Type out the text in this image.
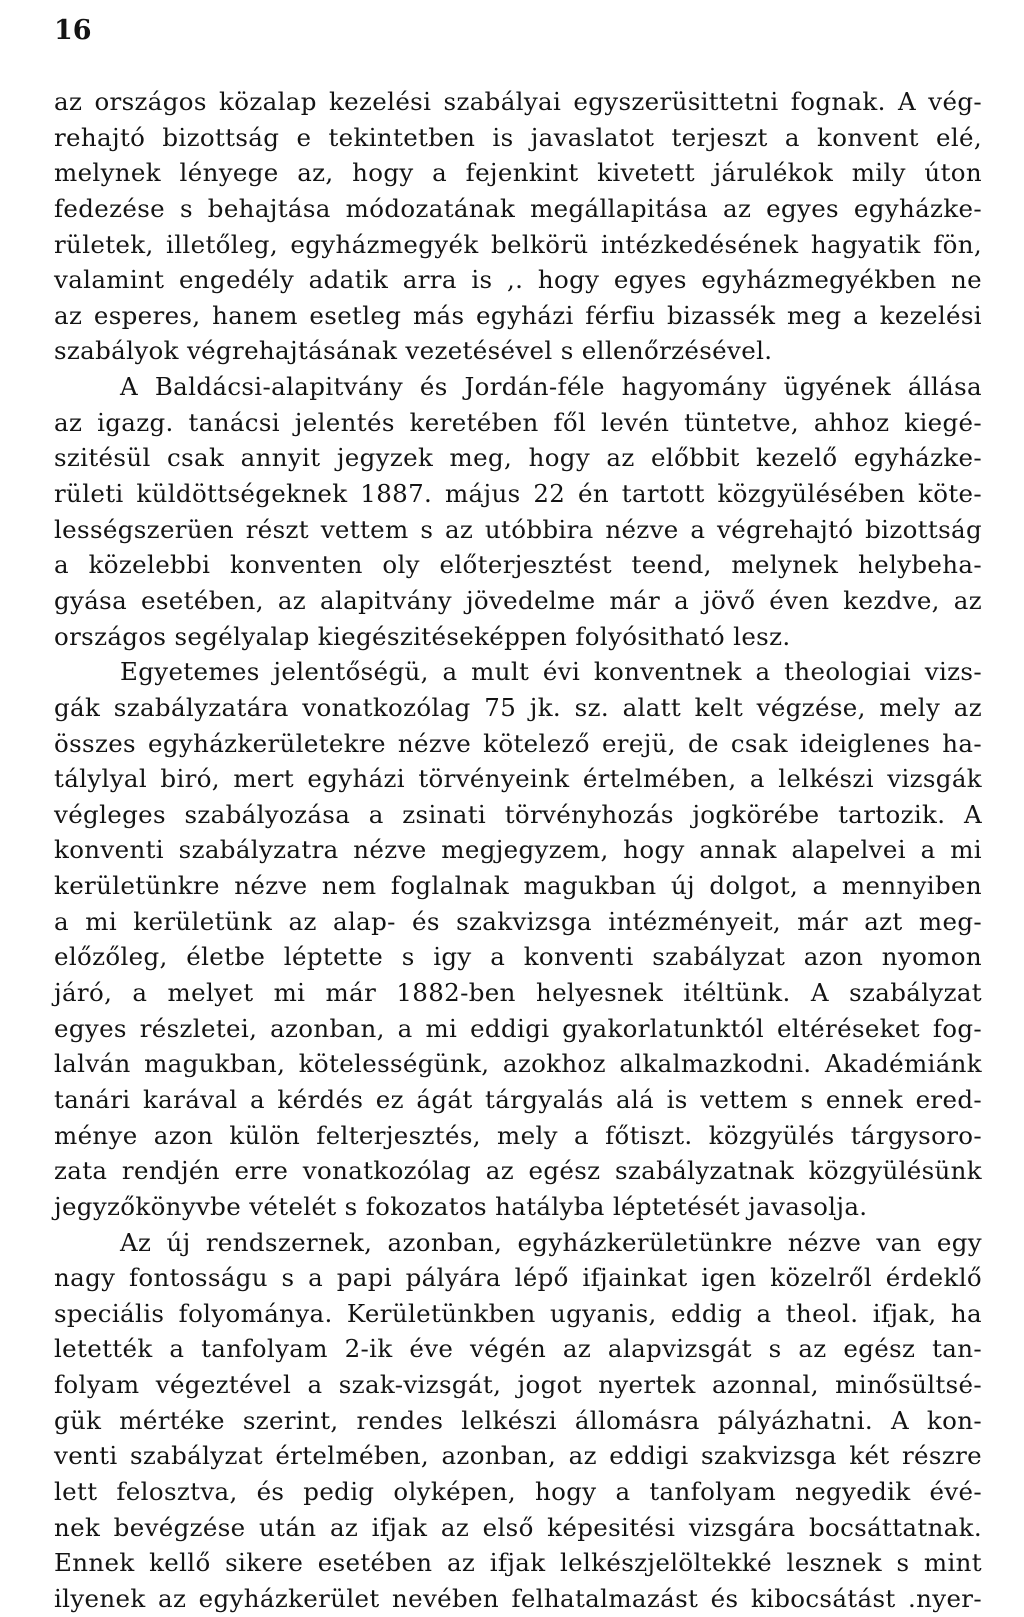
16
az országos közalap kezelési szabályai egyszerüsittetni fognak. A vég-
rehajtó bizottság e tekintetben is javaslatot terjeszt a konvent elé,
melynek lényege az, hogy a fejenkint kivetett járulékok mily úton
fedezése s behajtása módozatának megállapitása az egyes egyházke-
rületek, illetőleg, egyházmegyék belkörü intézkedésének hagyatik fön,
valamint engedély adatik arra is ,. hogy egyes egyházmegyékben ne
az esperes, hanem esetleg más egyházi férfiu bizassék meg a kezelési
szabályok végrehajtásának vezetésével s ellenőrzésével.
A Baldácsi-alapitvány és Jordán-féle hagyomány ügyének állása
az igazg. tanácsi jelentés keretében fől levén tüntetve, ahhoz kiegé-
szitésül csak annyit jegyzek meg, hogy az előbbit kezelő egyházke-
rületi küldöttségeknek 1887. május 22 én tartott közgyülésében köte-
lességszerüen részt vettem s az utóbbira nézve a végrehajtó bizottság
a közelebbi konventen oly előterjesztést teend, melynek helybeha-
gyása esetében, az alapitvány jövedelme már a jövő éven kezdve, az
országos segélyalap kiegészitéseképpen folyósitható lesz.
Egyetemes jelentőségü, a mult évi konventnek a theologiai vizs-
gák szabályzatára vonatkozólag 75 jk. sz. alatt kelt végzése, mely az
összes egyházkerületekre nézve kötelező erejü, de csak ideiglenes ha-
tálylyal biró, mert egyházi törvényeink értelmében, a lelkészi vizsgák
végleges szabályozása a zsinati törvényhozás jogkörébe tartozik. A
konventi szabályzatra nézve megjegyzem, hogy annak alapelvei a mi
kerületünkre nézve nem foglalnak magukban új dolgot, a mennyiben
a mi kerületünk az alap- és szakvizsga intézményeit, már azt meg-
előzőleg, életbe léptette s igy a konventi szabályzat azon nyomon
járó, a melyet mi már 1882-ben helyesnek itéltünk. A szabályzat
egyes részletei, azonban, a mi eddigi gyakorlatunktól eltéréseket fog-
lalván magukban, kötelességünk, azokhoz alkalmazkodni. Akadémiánk
tanári karával a kérdés ez ágát tárgyalás alá is vettem s ennek ered-
ménye azon külön felterjesztés, mely a főtiszt. közgyülés tárgysoro-
zata rendjén erre vonatkozólag az egész szabályzatnak közgyülésünk
jegyzőkönyvbe vételét s fokozatos hatályba léptetését javasolja.
Az új rendszernek, azonban, egyházkerületünkre nézve van egy
nagy fontosságu s a papi pályára lépő ifjainkat igen közelről érdeklő
speciális folyománya. Kerületünkben ugyanis, eddig a theol. ifjak, ha
letették a tanfolyam 2-ik éve végén az alapvizsgát s az egész tan-
folyam végeztével a szak-vizsgát, jogot nyertek azonnal, minősültsé-
gük mértéke szerint, rendes lelkészi állomásra pályázhatni. A kon-
venti szabályzat értelmében, azonban, az eddigi szakvizsga két részre
lett felosztva, és pedig olyképen, hogy a tanfolyam negyedik évé-
nek bevégzése után az ifjak az első képesitési vizsgára bocsáttatnak.
Ennek kellő sikere esetében az ifjak lelkészjelöltekké lesznek s mint
ilyenek az egyházkerület nevében felhatalmazást és kibocsátást .nyer-
